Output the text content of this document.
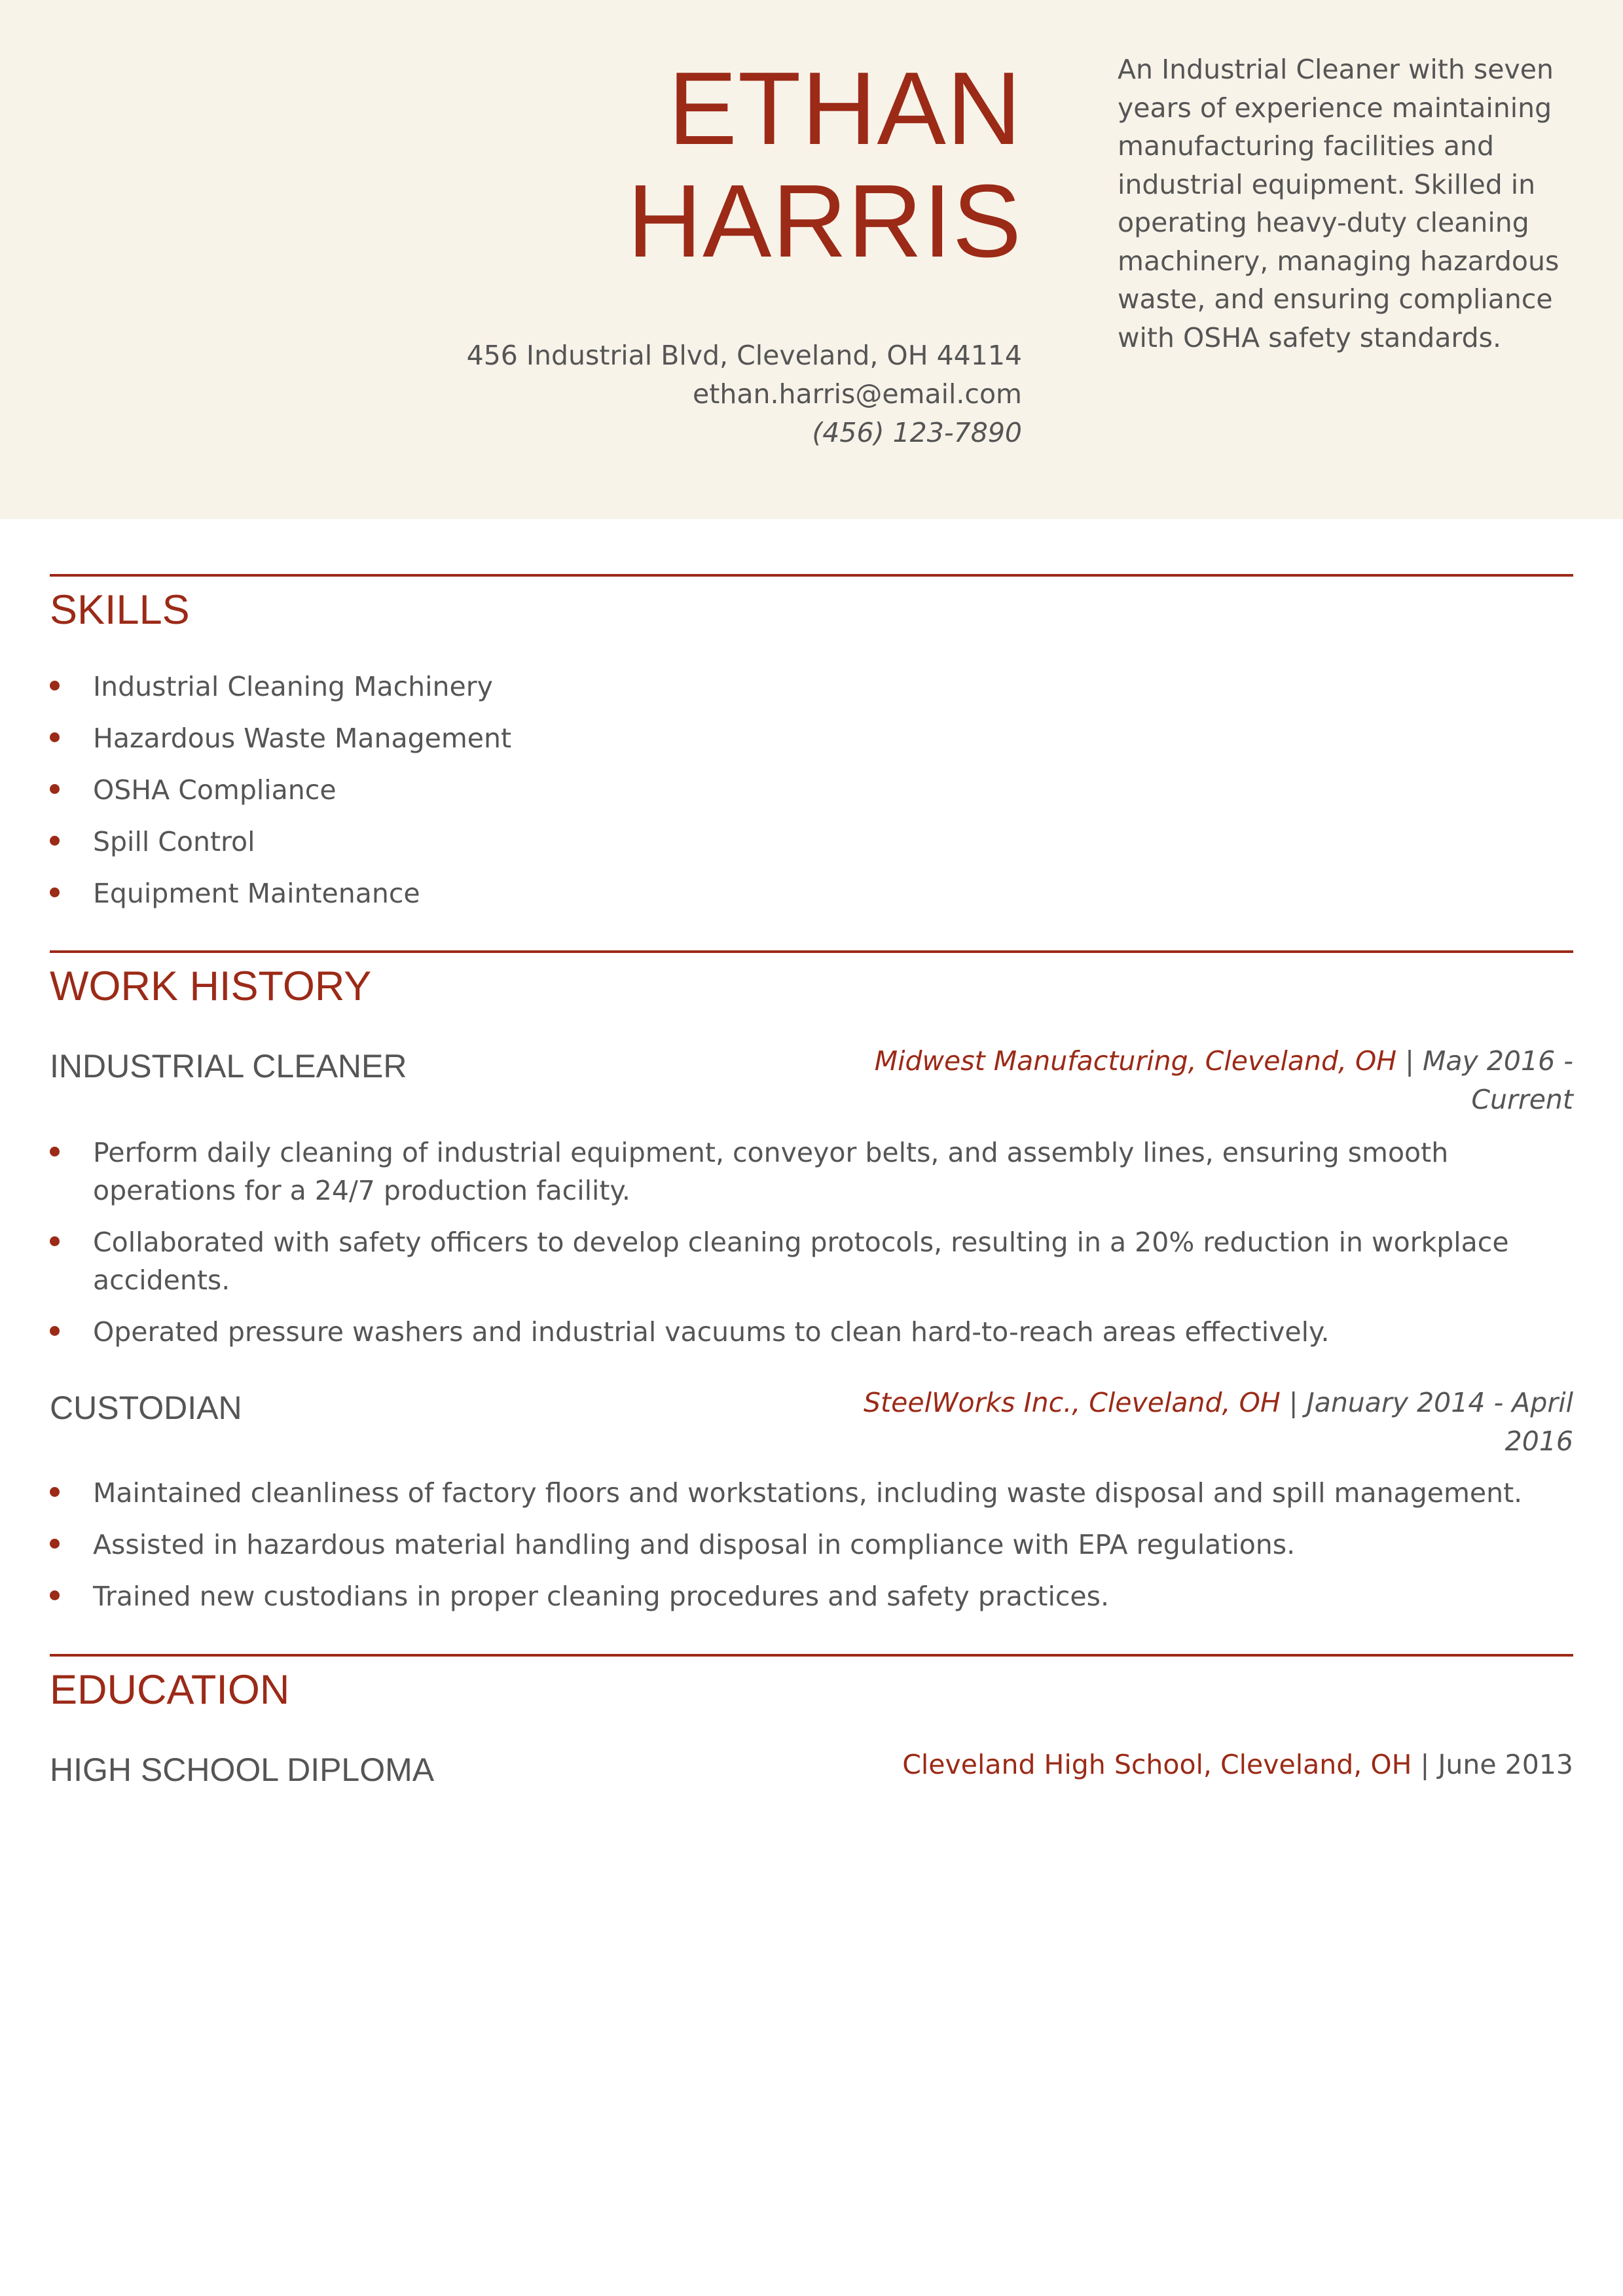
ETHAN
HARRIS
456 Industrial Blvd, Cleveland, OH 44114
ethan.harris@email.com
(456) 123-7890
An Industrial Cleaner with seven years of experience maintaining manufacturing facilities and industrial equipment. Skilled in operating heavy-duty cleaning machinery, managing hazardous waste, and ensuring compliance with OSHA safety standards.
SKILLS
Industrial Cleaning Machinery
Hazardous Waste Management
OSHA Compliance
Spill Control
Equipment Maintenance
WORK HISTORY
INDUSTRIAL CLEANER	Midwest Manufacturing, Cleveland, OH | May 2016 - Current
Perform daily cleaning of industrial equipment, conveyor belts, and assembly lines, ensuring smooth operations for a 24/7 production facility.
Collaborated with safety officers to develop cleaning protocols, resulting in a 20% reduction in workplace accidents.
Operated pressure washers and industrial vacuums to clean hard-to-reach areas effectively.
CUSTODIAN	SteelWorks Inc., Cleveland, OH | January 2014 - April 2016
Maintained cleanliness of factory floors and workstations, including waste disposal and spill management.
Assisted in hazardous material handling and disposal in compliance with EPA regulations.
Trained new custodians in proper cleaning procedures and safety practices.
EDUCATION
HIGH SCHOOL DIPLOMA	Cleveland High School, Cleveland, OH | June 2013
